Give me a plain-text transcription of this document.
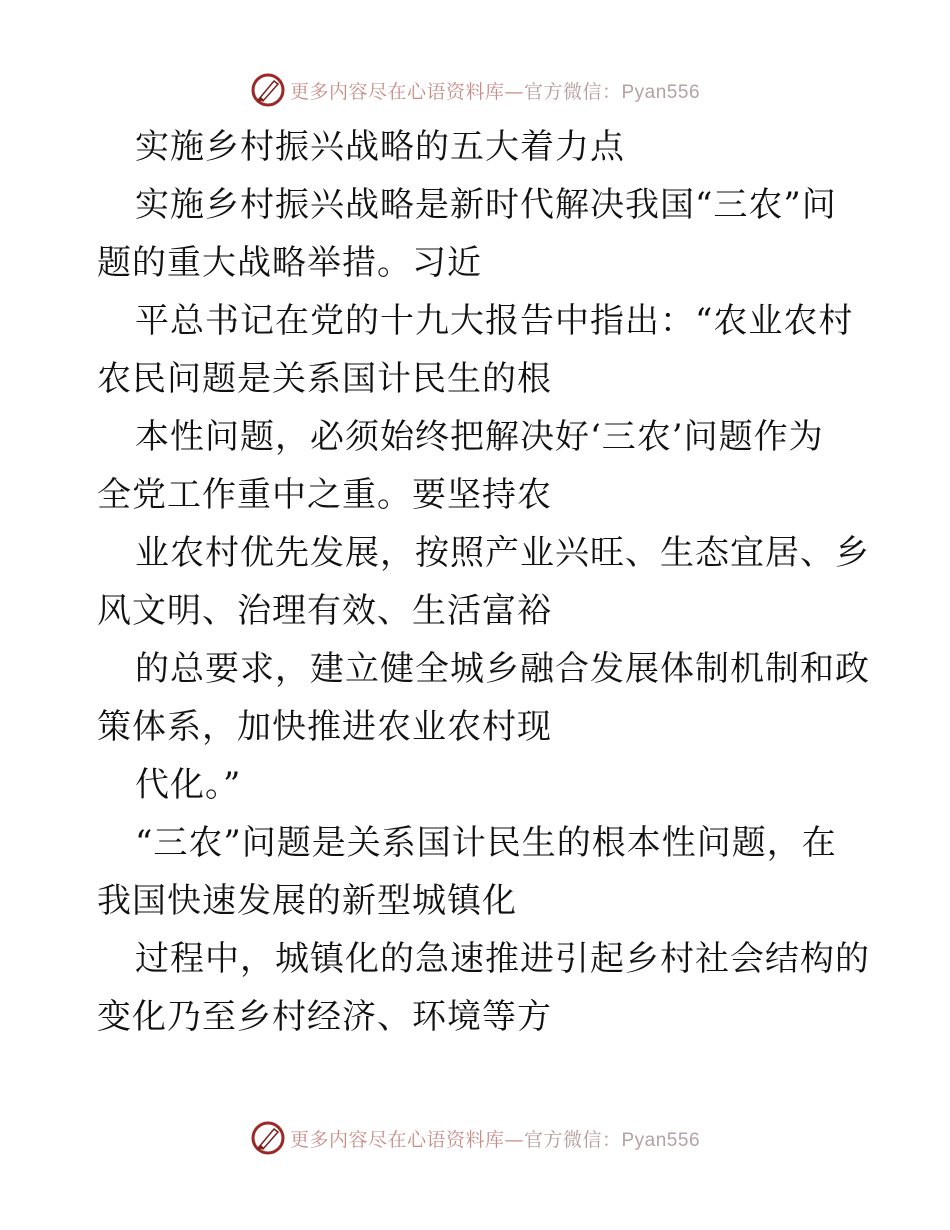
更多内容尽在心语资料库—官方微信：Pyan556
实施乡村振兴战略的五大着力点
实施乡村振兴战略是新时代解决我国“三农”问
题的重大战略举措。习近
平总书记在党的十九大报告中指出：“农业农村
农民问题是关系国计民生的根
本性问题，必须始终把解决好‘三农’问题作为
全党工作重中之重。要坚持农
业农村优先发展，按照产业兴旺、生态宜居、乡
风文明、治理有效、生活富裕
的总要求，建立健全城乡融合发展体制机制和政
策体系，加快推进农业农村现
代化。”
“三农”问题是关系国计民生的根本性问题，在
我国快速发展的新型城镇化
过程中，城镇化的急速推进引起乡村社会结构的
变化乃至乡村经济、环境等方
更多内容尽在心语资料库—官方微信：Pyan556
